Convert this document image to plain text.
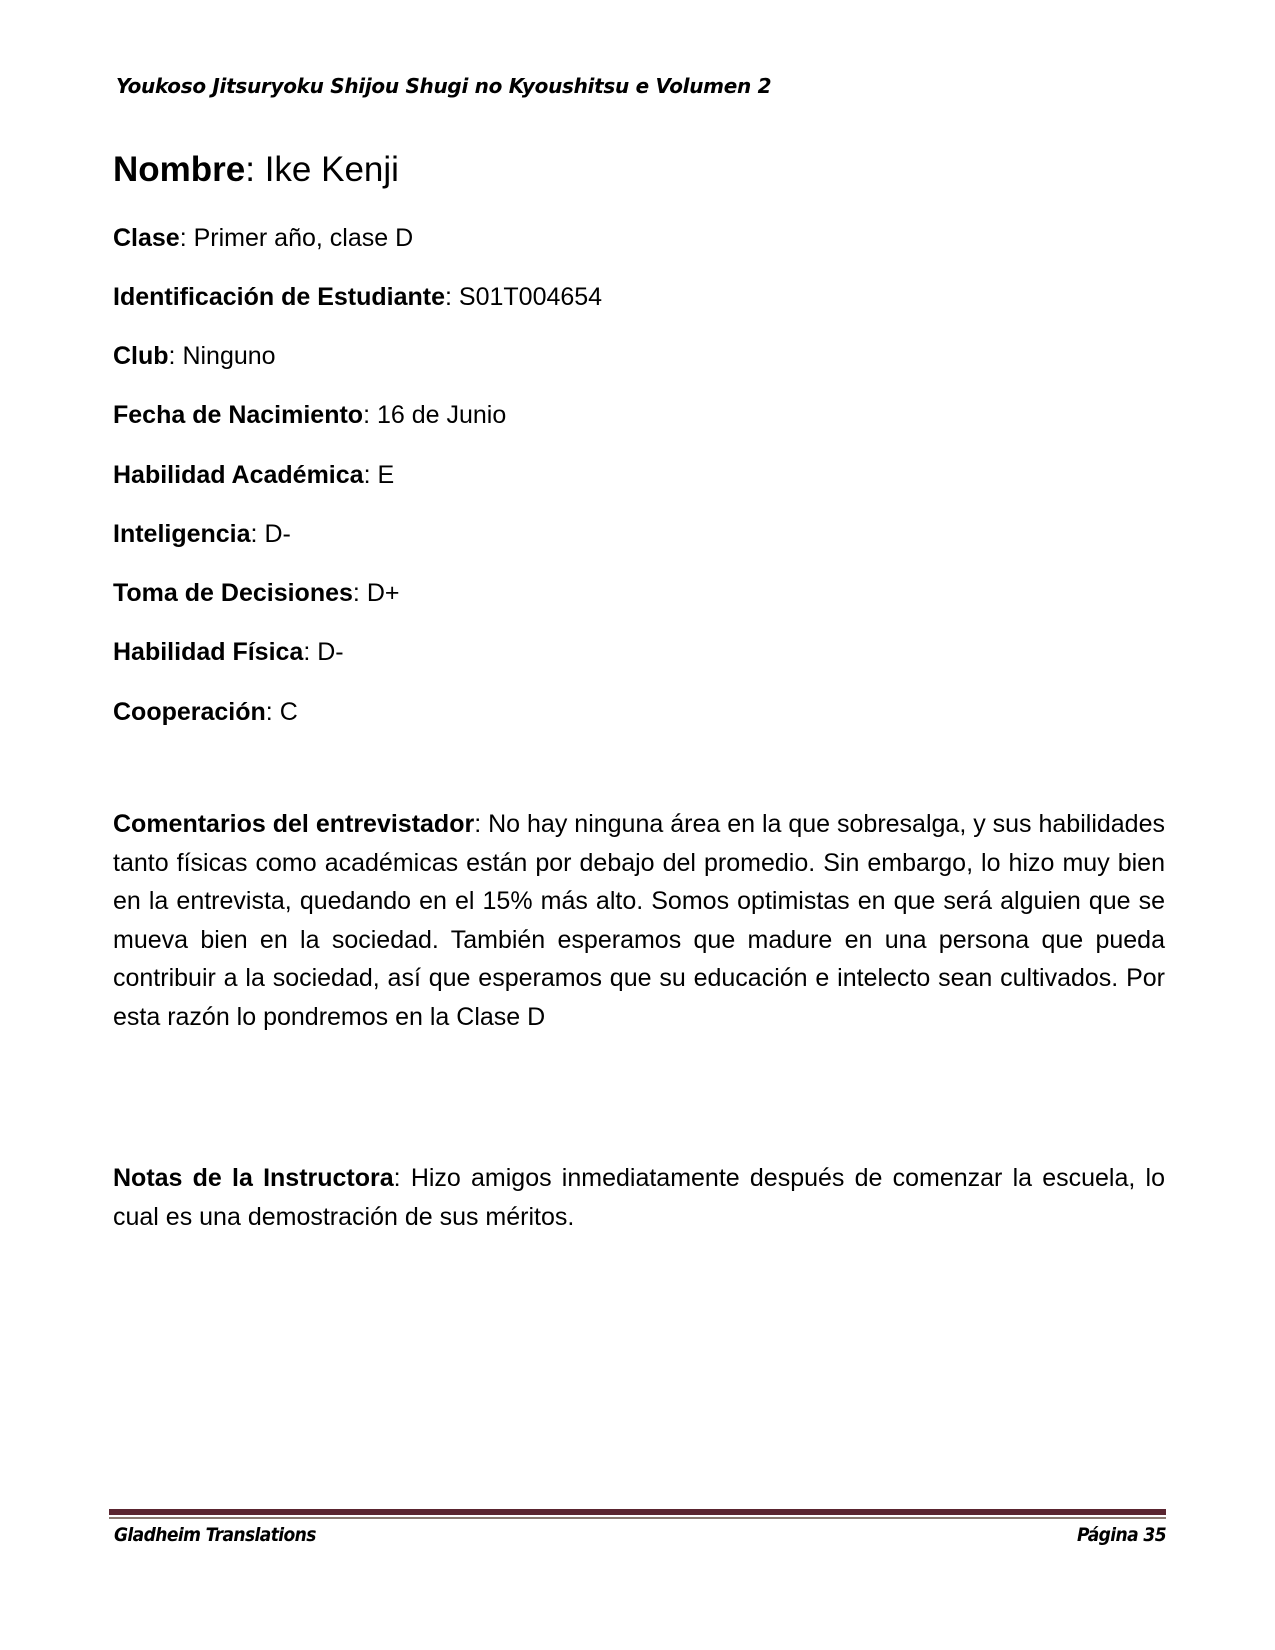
Youkoso Jitsuryoku Shijou Shugi no Kyoushitsu e Volumen 2
Nombre: Ike Kenji
Clase: Primer año, clase D
Identificación de Estudiante: S01T004654
Club: Ninguno
Fecha de Nacimiento: 16 de Junio
Habilidad Académica: E
Inteligencia: D-
Toma de Decisiones: D+
Habilidad Física: D-
Cooperación: C
Comentarios del entrevistador: No hay ninguna área en la que sobresalga, y sus habilidades tanto físicas como académicas están por debajo del promedio. Sin embargo, lo hizo muy bien en la entrevista, quedando en el 15% más alto. Somos optimistas en que será alguien que se mueva bien en la sociedad. También esperamos que madure en una persona que pueda contribuir a la sociedad, así que esperamos que su educación e intelecto sean cultivados. Por esta razón lo pondremos en la Clase D
Notas de la Instructora: Hizo amigos inmediatamente después de comenzar la escuela, lo cual es una demostración de sus méritos.
Gladheim Translations	Página 35
